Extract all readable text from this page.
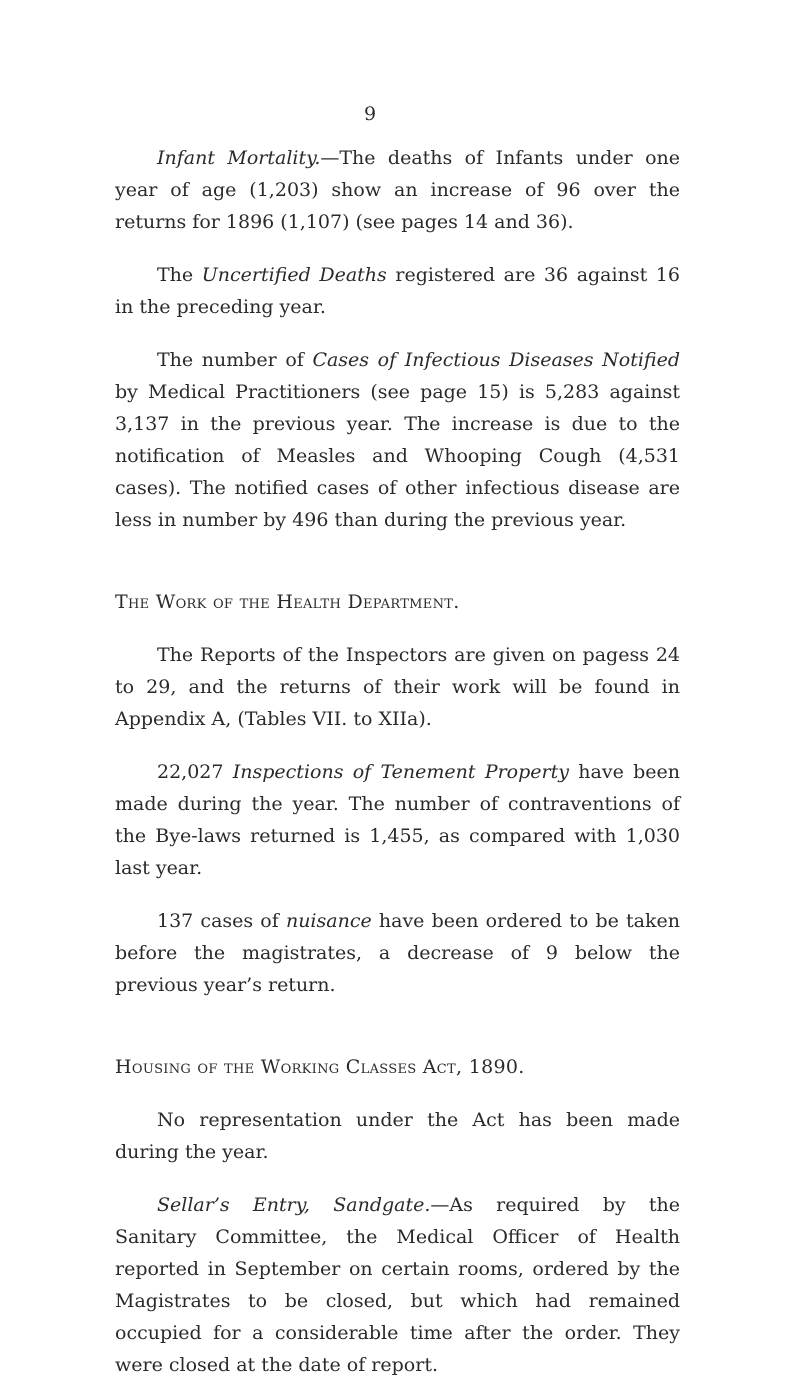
9

Infant Mortality.—The deaths of Infants under one year of age (1,203) show an increase of 96 over the returns for 1896 (1,107) (see pages 14 and 36).

The Uncertified Deaths registered are 36 against 16 in the preceding year.

The number of Cases of Infectious Diseases Notified by Medical Practitioners (see page 15) is 5,283 against 3,137 in the previous year. The increase is due to the notification of Measles and Whooping Cough (4,531 cases). The notified cases of other infectious disease are less in number by 496 than during the previous year.

The Work of the Health Department.

The Reports of the Inspectors are given on pagess 24 to 29, and the returns of their work will be found in Appendix A, (Tables VII. to XIIa).

22,027 Inspections of Tenement Property have been made during the year. The number of contraventions of the Bye-laws returned is 1,455, as compared with 1,030 last year.

137 cases of nuisance have been ordered to be taken before the magistrates, a decrease of 9 below the previous year’s return.

Housing of the Working Classes Act, 1890.

No representation under the Act has been made during the year.

Sellar’s Entry, Sandgate.—As required by the Sanitary Committee, the Medical Officer of Health reported in September on certain rooms, ordered by the Magistrates to be closed, but which had remained occupied for a considerable time after the order. They were closed at the date of report.
